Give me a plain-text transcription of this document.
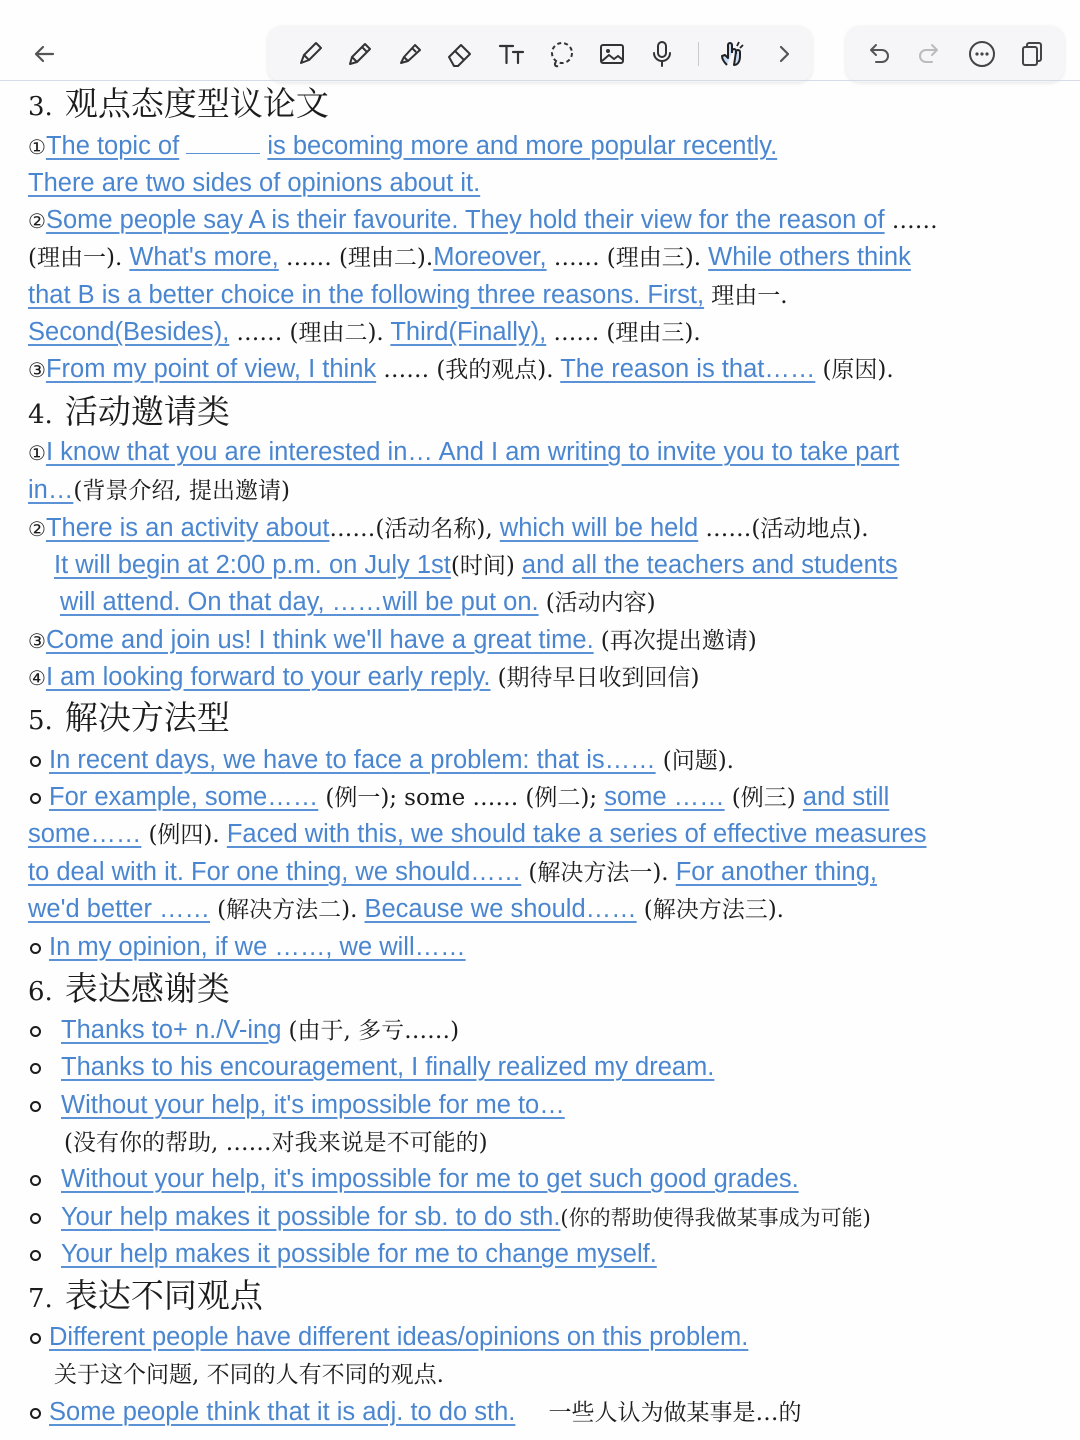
3. 观点态度型议论文
①The topic of	is becoming more and more popular recently.
There are two sides of opinions about it.
②Some people say A is their favourite. They hold their view for the reason of ……
(理由一). What's more, …… (理由二).Moreover, …… (理由三). While others think
that B is a better choice in the following three reasons. First, 理由一.
Second(Besides), …… (理由二). Third(Finally), …… (理由三).
③From my point of view, I think …… (我的观点). The reason is that…… (原因).
4. 活动邀请类
①I know that you are interested in… And I am writing to invite you to take part
in…(背景介绍, 提出邀请)
②There is an activity about……(活动名称), which will be held ……(活动地点).
It will begin at 2:00 p.m. on July 1st(时间) and all the teachers and students
will attend. On that day, ……will be put on. (活动内容)
③Come and join us! I think we'll have a great time. (再次提出邀请)
④I am looking forward to your early reply. (期待早日收到回信)
5. 解决方法型
In recent days, we have to face a problem: that is…… (问题).
For example, some…… (例一); some …… (例二); some …… (例三) and still
some…… (例四). Faced with this, we should take a series of effective measures
to deal with it. For one thing, we should…… (解决方法一). For another thing,
we'd better …… (解决方法二). Because we should…… (解决方法三).
In my opinion, if we ……, we will……
6. 表达感谢类
Thanks to+ n./V-ing (由于, 多亏……)
Thanks to his encouragement, I finally realized my dream.
Without your help, it's impossible for me to…
(没有你的帮助, ……对我来说是不可能的)
Without your help, it's impossible for me to get such good grades.
Your help makes it possible for sb. to do sth.(你的帮助使得我做某事成为可能)
Your help makes it possible for me to change myself.
7. 表达不同观点
Different people have different ideas/opinions on this problem.
关于这个问题, 不同的人有不同的观点.
Some people think that it is adj. to do sth. 一些人认为做某事是…的
